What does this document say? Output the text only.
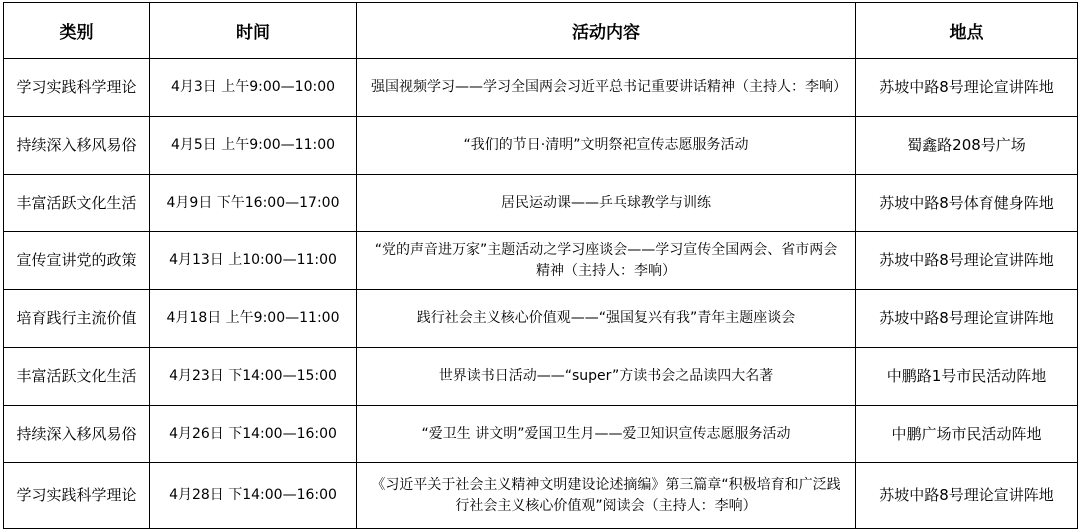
类别	时间	活动内容	地点
学习实践科学理论	4月3日 上午9:00—10:00	强国视频学习——学习全国两会习近平总书记重要讲话精神（主持人：李响）	苏坡中路8号理论宣讲阵地
持续深入移风易俗	4月5日 上午9:00—11:00	“我们的节日·清明”文明祭祀宣传志愿服务活动	蜀鑫路208号广场
丰富活跃文化生活	4月9日 下午16:00—17:00	居民运动课——乒乓球教学与训练	苏坡中路8号体育健身阵地
宣传宣讲党的政策	4月13日 上10:00—11:00	“党的声音进万家”主题活动之学习座谈会——学习宣传全国两会、省市两会精神（主持人：李响）	苏坡中路8号理论宣讲阵地
培育践行主流价值	4月18日 上午9:00—11:00	践行社会主义核心价值观——“强国复兴有我”青年主题座谈会	苏坡中路8号理论宣讲阵地
丰富活跃文化生活	4月23日 下14:00—15:00	世界读书日活动——“super”方读书会之品读四大名著	中鹏路1号市民活动阵地
持续深入移风易俗	4月26日 下14:00—16:00	“爱卫生 讲文明”爱国卫生月——爱卫知识宣传志愿服务活动	中鹏广场市民活动阵地
学习实践科学理论	4月28日 下14:00—16:00	《习近平关于社会主义精神文明建设论述摘编》第三篇章“积极培育和广泛践行社会主义核心价值观”阅读会（主持人：李响）	苏坡中路8号理论宣讲阵地
